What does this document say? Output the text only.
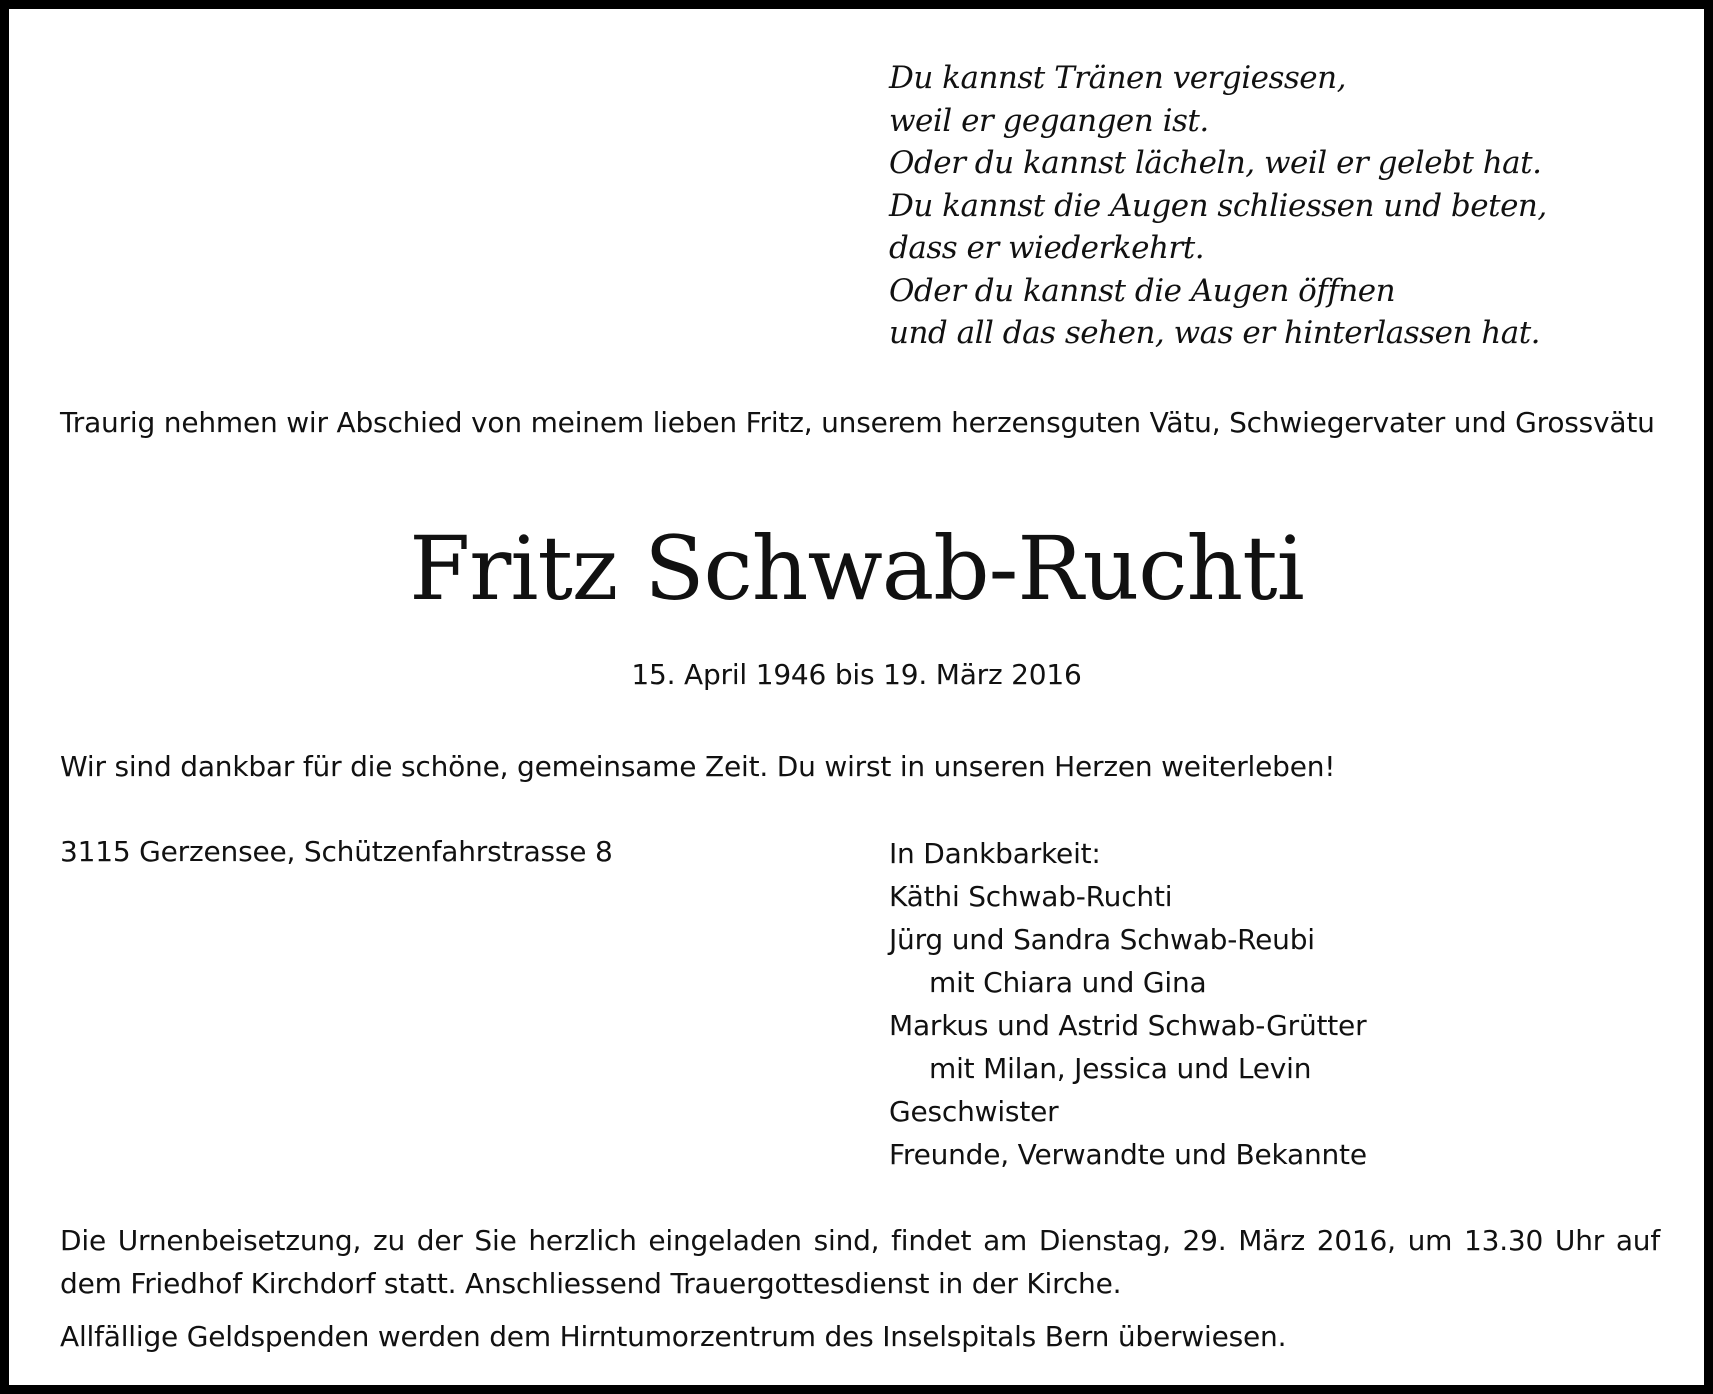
Du kannst Tränen vergiessen,
weil er gegangen ist.
Oder du kannst lächeln, weil er gelebt hat.
Du kannst die Augen schliessen und beten,
dass er wiederkehrt.
Oder du kannst die Augen öffnen
und all das sehen, was er hinterlassen hat.
Traurig nehmen wir Abschied von meinem lieben Fritz, unserem herzensguten Vätu, Schwiegervater und Grossvätu
Fritz Schwab-Ruchti
15. April 1946 bis 19. März 2016
Wir sind dankbar für die schöne, gemeinsame Zeit. Du wirst in unseren Herzen weiterleben!
3115 Gerzensee, Schützenfahrstrasse 8	In Dankbarkeit:
Käthi Schwab-Ruchti
Jürg und Sandra Schwab-Reubi
mit Chiara und Gina
Markus und Astrid Schwab-Grütter
mit Milan, Jessica und Levin
Geschwister
Freunde, Verwandte und Bekannte
Die Urnenbeisetzung, zu der Sie herzlich eingeladen sind, findet am Dienstag, 29. März 2016, um 13.30 Uhr auf dem Friedhof Kirchdorf statt. Anschliessend Trauergottesdienst in der Kirche.
Allfällige Geldspenden werden dem Hirntumorzentrum des Inselspitals Bern überwiesen.
